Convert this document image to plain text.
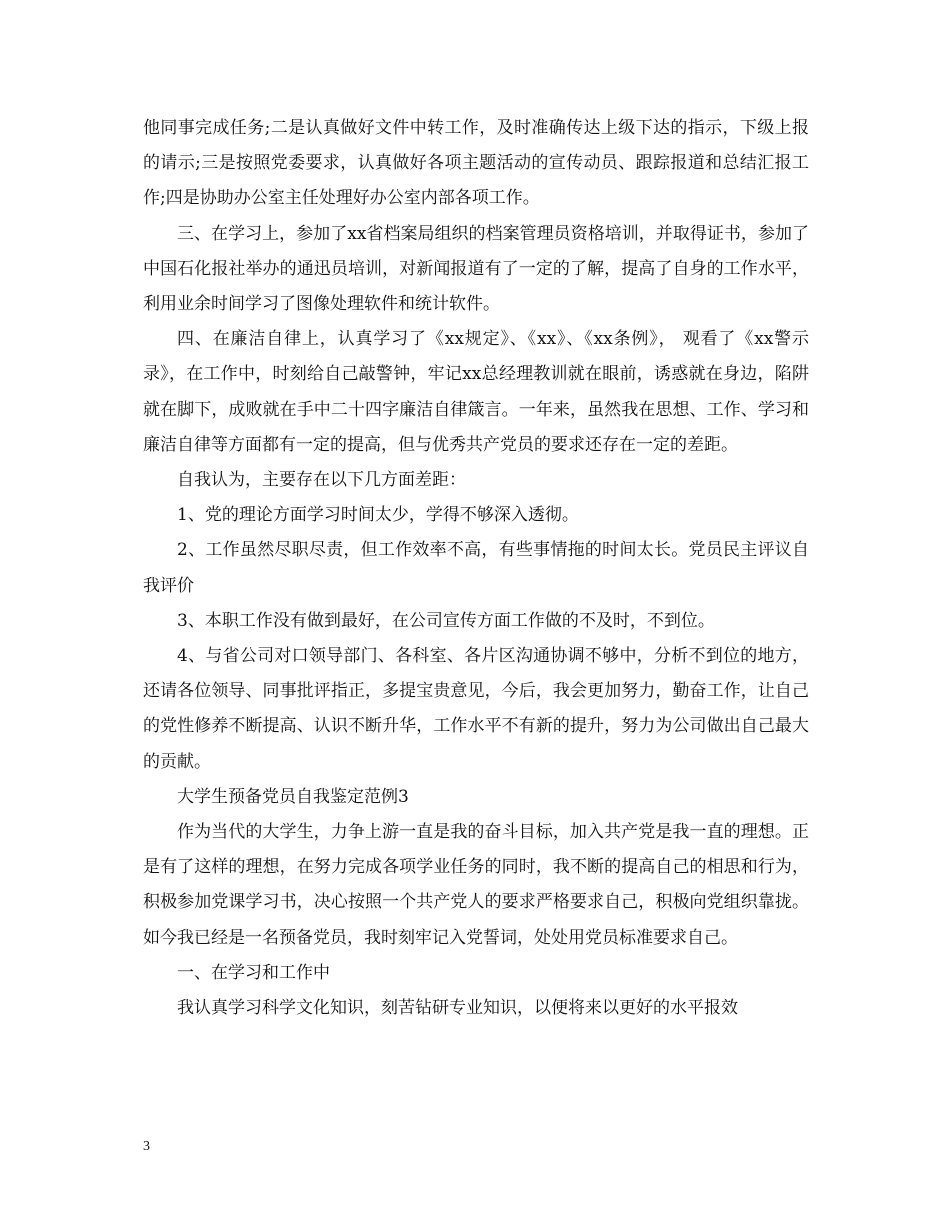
他同事完成任务;二是认真做好文件中转工作，及时准确传达上级下达的指示，下级上报的请示;三是按照党委要求，认真做好各项主题活动的宣传动员、跟踪报道和总结汇报工作;四是协助办公室主任处理好办公室内部各项工作。

三、在学习上，参加了xx省档案局组织的档案管理员资格培训，并取得证书，参加了中国石化报社举办的通迅员培训，对新闻报道有了一定的了解，提高了自身的工作水平，利用业余时间学习了图像处理软件和统计软件。

四、在廉洁自律上，认真学习了《xx规定》、《xx》、《xx条例》， 观看了《xx警示录》，在工作中，时刻给自己敲警钟，牢记xx总经理教训就在眼前，诱惑就在身边，陷阱就在脚下，成败就在手中二十四字廉洁自律箴言。一年来，虽然我在思想、工作、学习和廉洁自律等方面都有一定的提高，但与优秀共产党员的要求还存在一定的差距。

自我认为，主要存在以下几方面差距：

1、党的理论方面学习时间太少，学得不够深入透彻。

2、工作虽然尽职尽责，但工作效率不高，有些事情拖的时间太长。党员民主评议自我评价

3、本职工作没有做到最好，在公司宣传方面工作做的不及时，不到位。

4、与省公司对口领导部门、各科室、各片区沟通协调不够中，分析不到位的地方，还请各位领导、同事批评指正，多提宝贵意见，今后，我会更加努力，勤奋工作，让自己的党性修养不断提高、认识不断升华，工作水平不有新的提升，努力为公司做出自己最大的贡献。

大学生预备党员自我鉴定范例3

作为当代的大学生，力争上游一直是我的奋斗目标，加入共产党是我一直的理想。正是有了这样的理想，在努力完成各项学业任务的同时，我不断的提高自己的相思和行为，积极参加党课学习书，决心按照一个共产党人的要求严格要求自己，积极向党组织靠拢。如今我已经是一名预备党员，我时刻牢记入党誓词，处处用党员标准要求自己。

一、在学习和工作中

我认真学习科学文化知识，刻苦钻研专业知识，以便将来以更好的水平报效

3
